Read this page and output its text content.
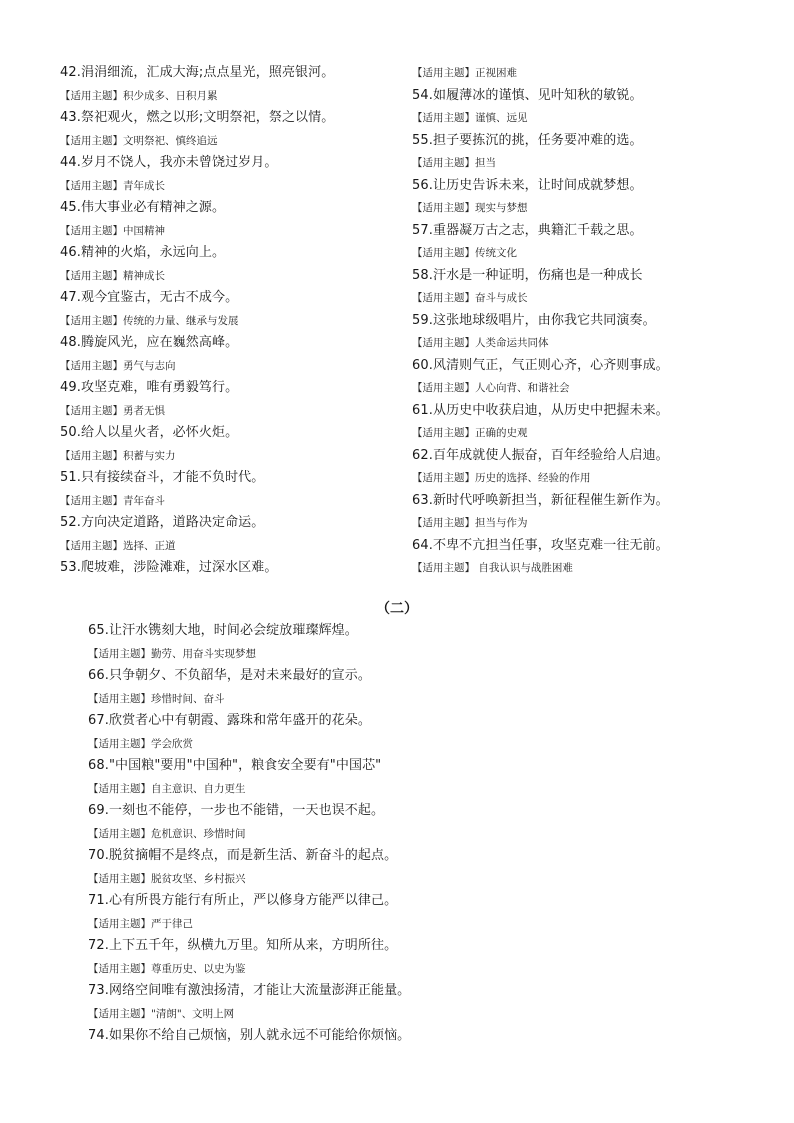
42.涓涓细流，汇成大海;点点星光，照亮银河。
【适用主题】积少成多、日积月累
43.祭祀观火，燃之以形;文明祭祀，祭之以情。
【适用主题】文明祭祀、慎终追远
44.岁月不饶人，我亦未曾饶过岁月。
【适用主题】青年成长
45.伟大事业必有精神之源。
【适用主题】中国精神
46.精神的火焰，永远向上。
【适用主题】精神成长
47.观今宜鉴古，无古不成今。
【适用主题】传统的力量、继承与发展
48.腾旋风光，应在巍然高峰。
【适用主题】勇气与志向
49.攻坚克难，唯有勇毅笃行。
【适用主题】勇者无惧
50.给人以星火者，必怀火炬。
【适用主题】积蓄与实力
51.只有接续奋斗，才能不负时代。
【适用主题】青年奋斗
52.方向决定道路，道路决定命运。
【适用主题】选择、正道
53.爬坡难，涉险滩难，过深水区难。
【适用主题】正视困难
54.如履薄冰的谨慎、见叶知秋的敏锐。
【适用主题】谨慎、远见
55.担子要拣沉的挑，任务要冲难的选。
【适用主题】担当
56.让历史告诉未来，让时间成就梦想。
【适用主题】现实与梦想
57.重器凝万古之志，典籍汇千载之思。
【适用主题】传统文化
58.汗水是一种证明，伤痛也是一种成长
【适用主题】奋斗与成长
59.这张地球级唱片，由你我它共同演奏。
【适用主题】人类命运共同体
60.风清则气正，气正则心齐，心齐则事成。
【适用主题】人心向背、和谐社会
61.从历史中收获启迪，从历史中把握未来。
【适用主题】正确的史观
62.百年成就使人振奋，百年经验给人启迪。
【适用主题】历史的选择、经验的作用
63.新时代呼唤新担当，新征程催生新作为。
【适用主题】担当与作为
64.不卑不亢担当任事，攻坚克难一往无前。
【适用主题】 自我认识与战胜困难
（二）
65.让汗水镌刻大地，时间必会绽放璀璨辉煌。
【适用主题】勤劳、用奋斗实现梦想
66.只争朝夕、不负韶华，是对未来最好的宣示。
【适用主题】珍惜时间、奋斗
67.欣赏者心中有朝霞、露珠和常年盛开的花朵。
【适用主题】学会欣赏
68."中国粮"要用"中国种"，粮食安全要有"中国芯"
【适用主题】自主意识、自力更生
69.一刻也不能停，一步也不能错，一天也误不起。
【适用主题】危机意识、珍惜时间
70.脱贫摘帽不是终点，而是新生活、新奋斗的起点。
【适用主题】脱贫攻坚、乡村振兴
71.心有所畏方能行有所止，严以修身方能严以律己。
【适用主题】严于律己
72.上下五千年，纵横九万里。知所从来，方明所往。
【适用主题】尊重历史、以史为鉴
73.网络空间唯有激浊扬清，才能让大流量澎湃正能量。
【适用主题】"清朗"、文明上网
74.如果你不给自己烦恼，别人就永远不可能给你烦恼。
